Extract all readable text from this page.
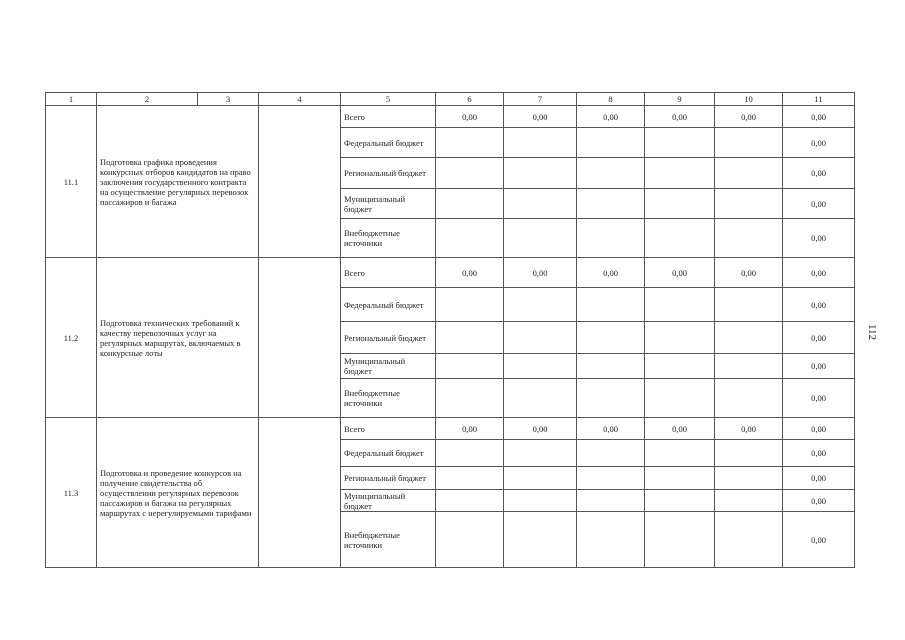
1	2	3	4	5	6	7	8	9	10	11
11.1	Подготовка графика проведения конкурсных отборов кандидатов на право заключения государственного контракта на осуществление регулярных перевозок пассажиров и багажа			Всего	0,00	0,00	0,00	0,00	0,00	0,00
				Федеральный бюджет						0,00
				Региональный бюджет						0,00
				Муниципальный бюджет						0,00
				Внебюджетные источники						0,00
11.2	Подготовка технических требований к качеству перевозочных услуг на регулярных маршрутах, включаемых в конкурсные лоты			Всего	0,00	0,00	0,00	0,00	0,00	0,00
				Федеральный бюджет						0,00
				Региональный бюджет						0,00
				Муниципальный бюджет						0,00
				Внебюджетные источники						0,00
11.3	Подготовка и проведение конкурсов на получение свидетельства об осуществлении регулярных перевозок пассажиров и багажа на регулярных маршрутах с нерегулируемыми тарифами			Всего	0,00	0,00	0,00	0,00	0,00	0,00
				Федеральный бюджет						0,00
				Региональный бюджет						0,00
				Муниципальный бюджет						0,00
				Внебюджетные источники						0,00
112
